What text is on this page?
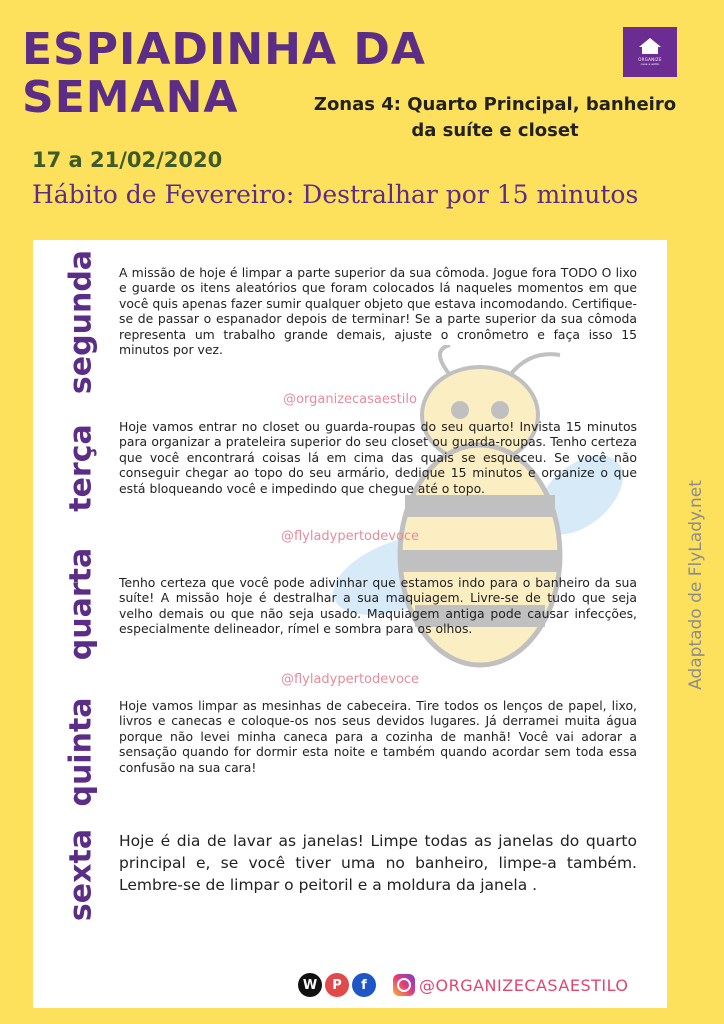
ESPIADINHA DA
SEMANA
ORGANIZE
casa e estilo
Zonas 4: Quarto Principal, banheiro
da suíte e closet
17 a 21/02/2020
Hábito de Fevereiro: Destralhar por 15 minutos
Adaptado de FlyLady.net
segunda A missão de hoje é limpar a parte superior da sua cômoda. Jogue fora TODO O lixo e guarde os itens aleatórios que foram colocados lá naqueles momentos em que você quis apenas fazer sumir qualquer objeto que estava incomodando. Certifique-se de passar o espanador depois de terminar! Se a parte superior da sua cômoda representa um trabalho grande demais, ajuste o cronômetro e faça isso 15 minutos por vez.

@organizecasaestilo
terça Hoje vamos entrar no closet ou guarda-roupas do seu quarto! Invista 15 minutos para organizar a prateleira superior do seu closet ou guarda-roupas. Tenho certeza que você encontrará coisas lá em cima das quais se esqueceu. Se você não conseguir chegar ao topo do seu armário, dedique 15 minutos e organize o que está bloqueando você e impedindo que chegue até o topo.

@flyladypertodevoce
quarta Tenho certeza que você pode adivinhar que estamos indo para o banheiro da sua suíte! A missão hoje é destralhar a sua maquiagem. Livre-se de tudo que seja velho demais ou que não seja usado. Maquiagem antiga pode causar infecções, especialmente delineador, rímel e sombra para os olhos.

@flyladypertodevoce
quinta Hoje vamos limpar as mesinhas de cabeceira. Tire todos os lenços de papel, lixo, livros e canecas e coloque-os nos seus devidos lugares. Já derramei muita água porque não levei minha caneca para a cozinha de manhã! Você vai adorar a sensação quando for dormir esta noite e também quando acordar sem toda essa confusão na sua cara!

sexta Hoje é dia de lavar as janelas! Limpe todas as janelas do quarto principal e, se você tiver uma no banheiro, limpe-a também. Lembre-se de limpar o peitoril e a moldura da janela .

W	P	f	@ORGANIZECASAESTILO
